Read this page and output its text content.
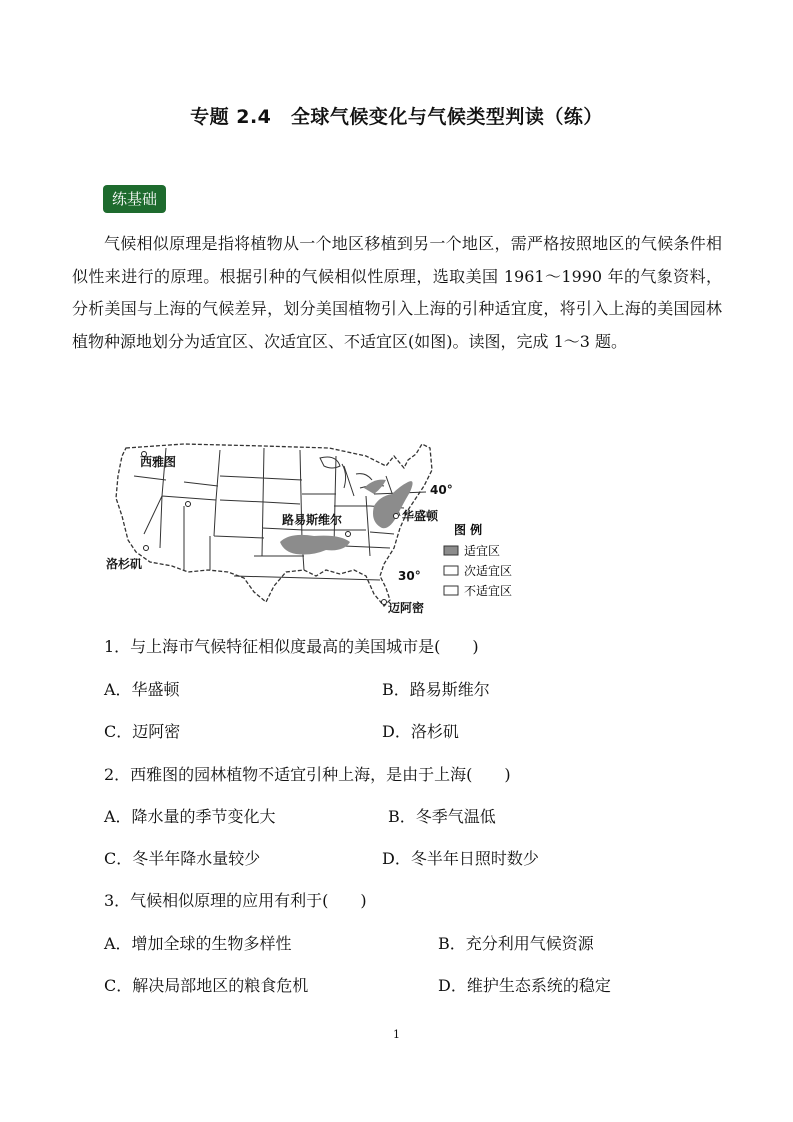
专题 2.4　全球气候变化与气候类型判读（练）
练基础
气候相似原理是指将植物从一个地区移植到另一个地区，需严格按照地区的气候条件相似性来进行的原理。根据引种的气候相似性原理，选取美国 1961～1990 年的气象资料，分析美国与上海的气候差异，划分美国植物引入上海的引种适宜度，将引入上海的美国园林植物种源地划分为适宜区、次适宜区、不适宜区(如图)。读图，完成 1～3 题。
西雅图
洛杉矶
路易斯维尔	华盛顿
迈阿密
40°
30°
图 例
适宜区
次适宜区
不适宜区
1．与上海市气候特征相似度最高的美国城市是(　　)
A．华盛顿	B．路易斯维尔
C．迈阿密	D．洛杉矶
2．西雅图的园林植物不适宜引种上海，是由于上海(　　)
A．降水量的季节变化大	B．冬季气温低
C．冬半年降水量较少	D．冬半年日照时数少
3．气候相似原理的应用有利于(　　)
A．增加全球的生物多样性	B．充分利用气候资源
C．解决局部地区的粮食危机	D．维护生态系统的稳定
1
